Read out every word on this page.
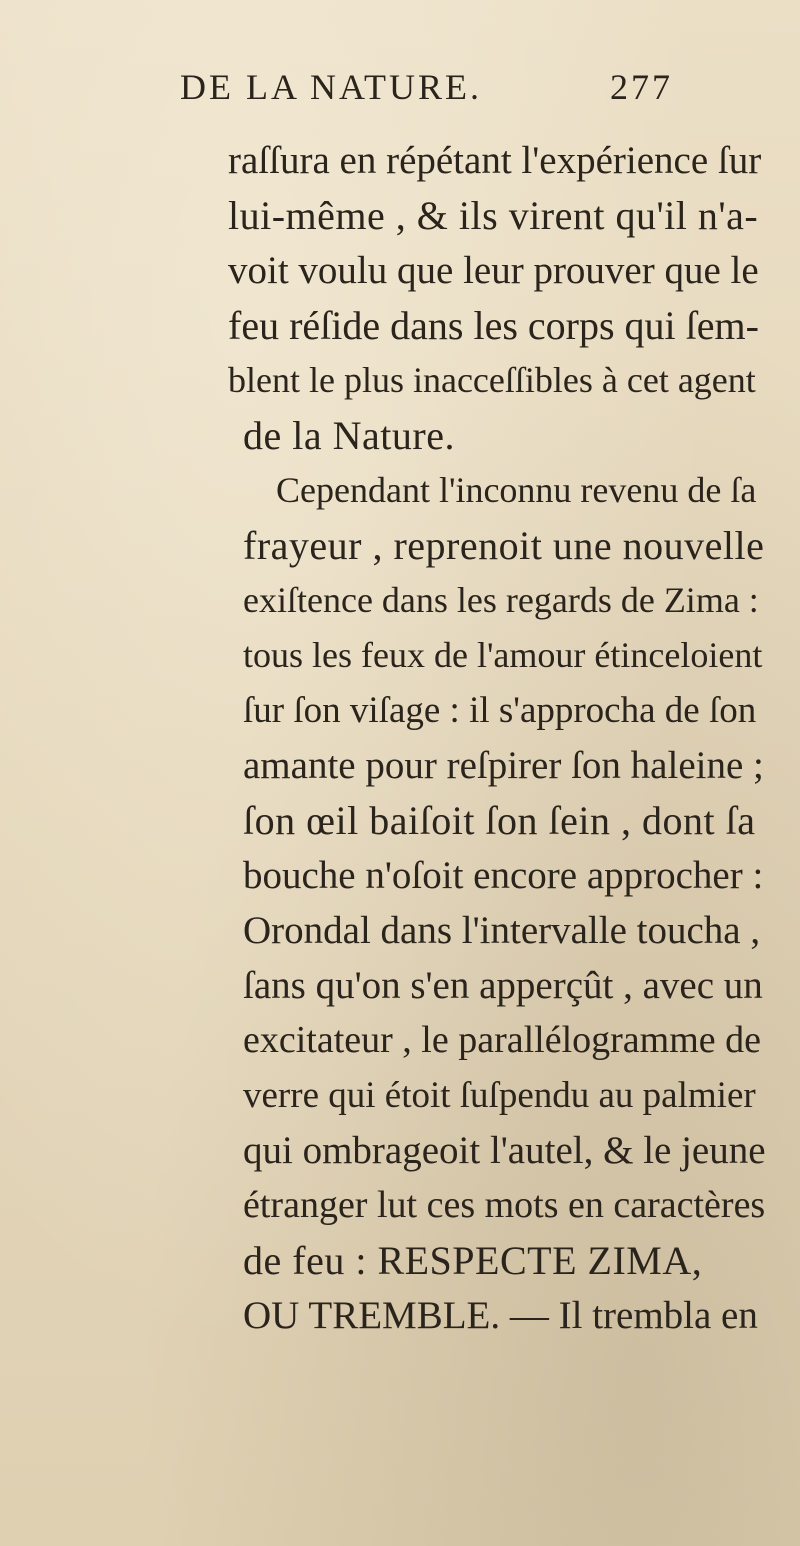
DE LA NATURE.	277
raſſura en répétant l'expérience ſur
lui-même , & ils virent qu'il n'a-
voit voulu que leur prouver que le
feu réſide dans les corps qui ſem-
blent le plus inacceſſibles à cet agent
de la Nature.
Cependant l'inconnu revenu de ſa
frayeur , reprenoit une nouvelle
exiſtence dans les regards de Zima :
tous les feux de l'amour étinceloient
ſur ſon viſage : il s'approcha de ſon
amante pour reſpirer ſon haleine ;
ſon œil baiſoit ſon ſein , dont ſa
bouche n'oſoit encore approcher :
Orondal dans l'intervalle toucha ,
ſans qu'on s'en apperçût , avec un
excitateur , le parallélogramme de
verre qui étoit ſuſpendu au palmier
qui ombrageoit l'autel, & le jeune
étranger lut ces mots en caractères
de feu : RESPECTE ZIMA,
OU TREMBLE. — Il trembla en
